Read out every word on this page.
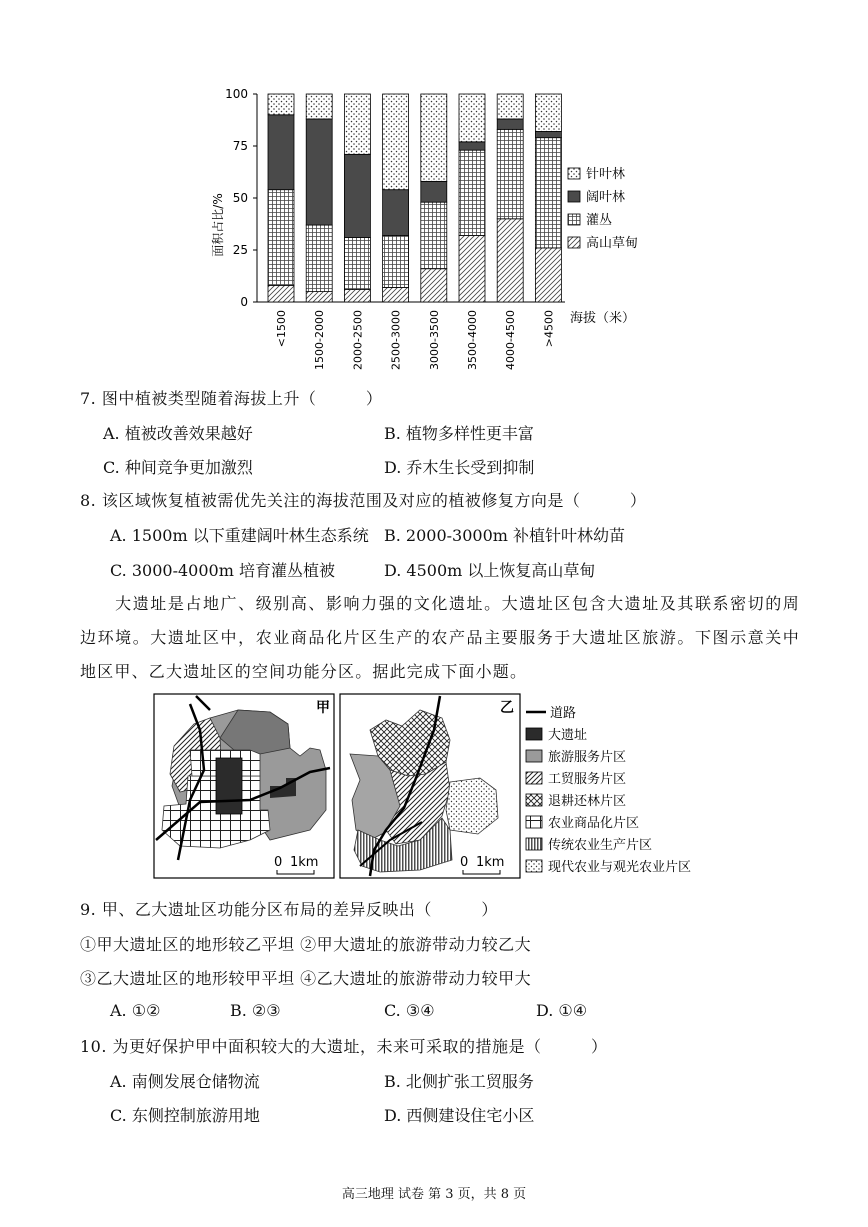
0
25
50
75
100
面积占比/%
<1500 1500-2000 2000-2500 2500-3000 3000-3500 3500-4000 4000-4500 >4500 海拔（米）
针叶林
阔叶林
灌丛
高山草甸
7. 图中植被类型随着海拔上升（　　　）
A. 植被改善效果越好	B. 植物多样性更丰富
C. 种间竞争更加激烈	D. 乔木生长受到抑制
8. 该区域恢复植被需优先关注的海拔范围及对应的植被修复方向是（　　　）
A. 1500m 以下重建阔叶林生态系统 B. 2000-3000m 补植针叶林幼苗
C. 3000-4000m 培育灌丛植被	D. 4500m 以上恢复高山草甸
　　大遗址是占地广、级别高、影响力强的文化遗址。大遗址区包含大遗址及其联系密切的周边环境。大遗址区中，农业商品化片区生产的农产品主要服务于大遗址区旅游。下图示意关中地区甲、乙大遗址区的空间功能分区。据此完成下面小题。
甲
0 1km
乙
0 1km
道路
大遗址
旅游服务片区
工贸服务片区
退耕还林片区
农业商品化片区
传统农业生产片区
现代农业与观光农业片区
9. 甲、乙大遗址区功能分区布局的差异反映出（　　　）
①甲大遗址区的地形较乙平坦 ②甲大遗址的旅游带动力较乙大
③乙大遗址区的地形较甲平坦 ④乙大遗址的旅游带动力较甲大
A. ①②	B. ②③	C. ③④	D. ①④
10. 为更好保护甲中面积较大的大遗址，未来可采取的措施是（　　　）
A. 南侧发展仓储物流	B. 北侧扩张工贸服务
C. 东侧控制旅游用地	D. 西侧建设住宅小区
高三地理 试卷 第 3 页，共 8 页
